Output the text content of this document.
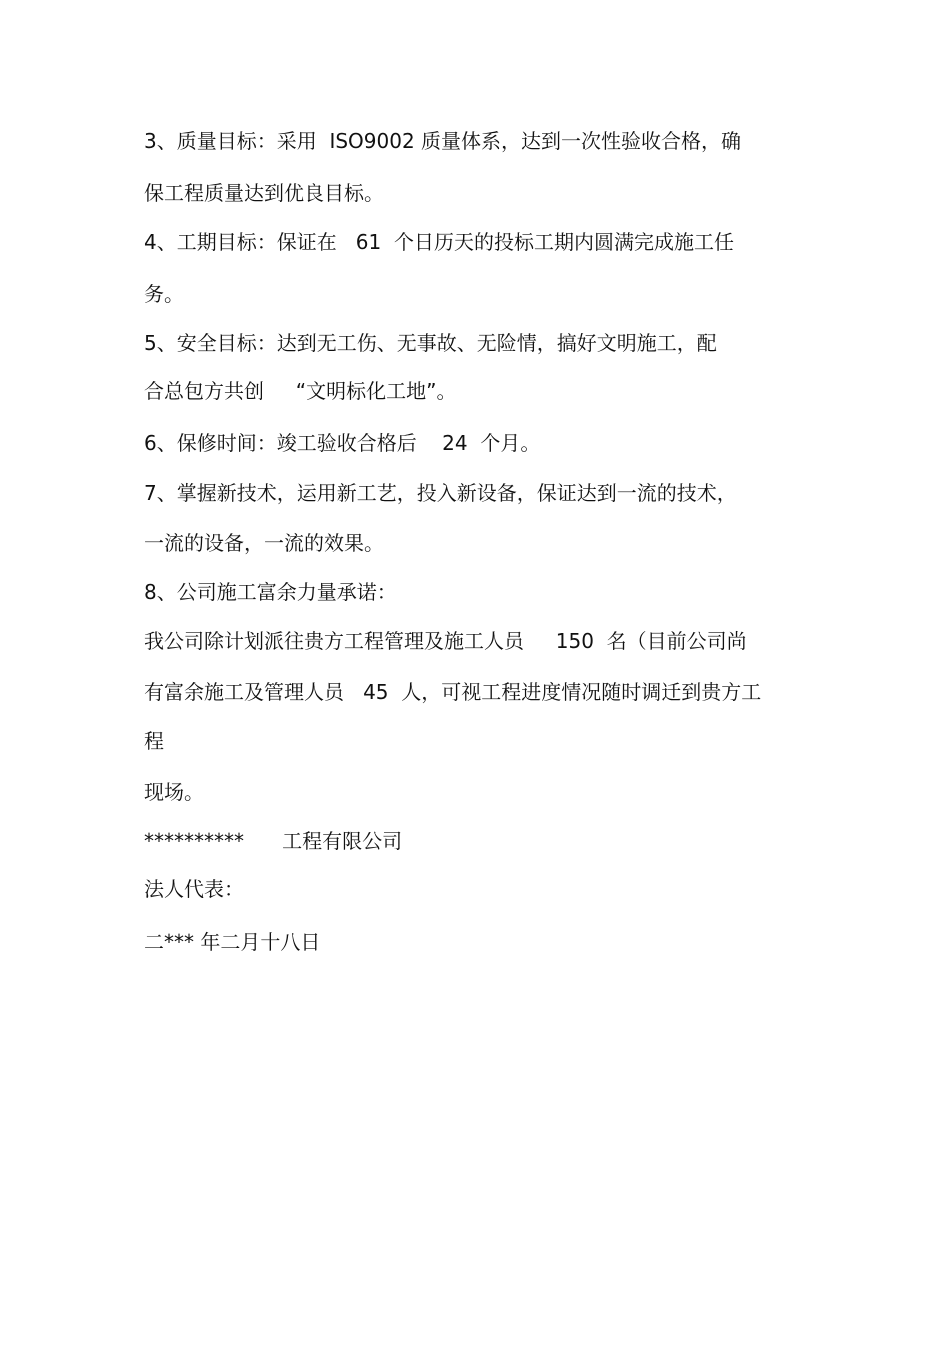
3、质量目标：采用  ISO9002 质量体系，达到一次性验收合格，确
保工程质量达到优良目标。
4、工期目标：保证在   61  个日历天的投标工期内圆满完成施工任
务。
5、安全目标：达到无工伤、无事故、无险情，搞好文明施工，配
合总包方共创     “文明标化工地”。
6、保修时间：竣工验收合格后    24  个月。
7、掌握新技术，运用新工艺，投入新设备，保证达到一流的技术，
一流的设备，一流的效果。
8、公司施工富余力量承诺：
我公司除计划派往贵方工程管理及施工人员     150  名（目前公司尚
有富余施工及管理人员   45  人，可视工程进度情况随时调迁到贵方工
程
现场。
**********      工程有限公司
法人代表：
二*** 年二月十八日
